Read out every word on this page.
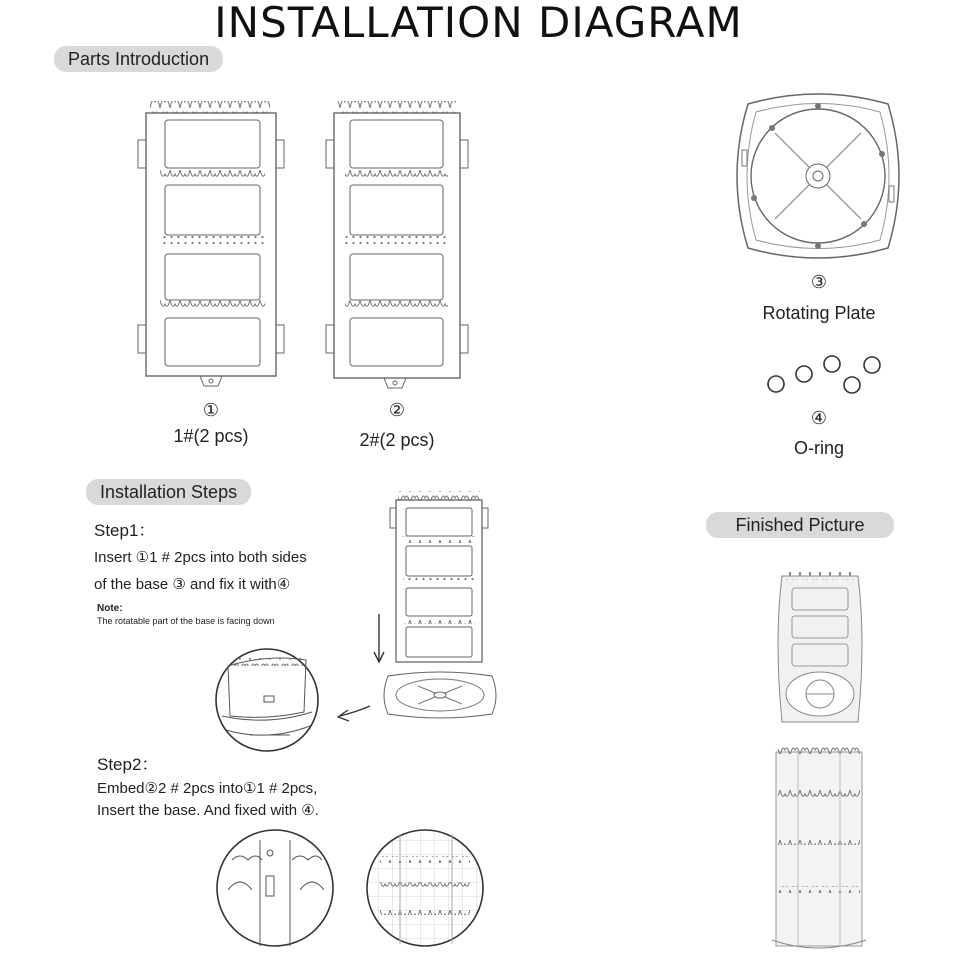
INSTALLATION DIAGRAM
Parts Introduction
Installation Steps
Finished Picture
①
1#(2 pcs)
②
2#(2 pcs)
③
Rotating Plate
④
O-ring
Step1：
Insert ①1 # 2pcs into both sides
of the base ③ and fix it with④
Note:
The rotatable part of the base is facing down
Step2：
Embed②2 # 2pcs into①1 # 2pcs,
Insert the base. And fixed with ④.
